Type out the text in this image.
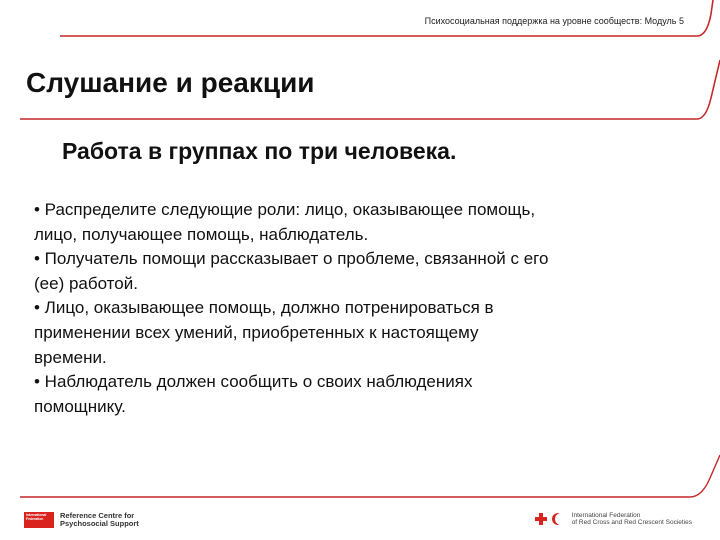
Психосоциальная поддержка на уровне сообществ: Модуль 5
Слушание и реакции
Работа в группах по три человека.

• Распределите следующие роли: лицо, оказывающее помощь, лицо, получающее помощь, наблюдатель.

• Получатель помощи рассказывает о проблеме, связанной с его (ее) работой.

• Лицо, оказывающее помощь, должно потренироваться в применении всех умений, приобретенных к настоящему времени.

• Наблюдатель должен сообщить о своих наблюдениях помощнику.

International Federation	Reference Centre for
Psychosocial Support
International Federation
of Red Cross and Red Crescent Societies
